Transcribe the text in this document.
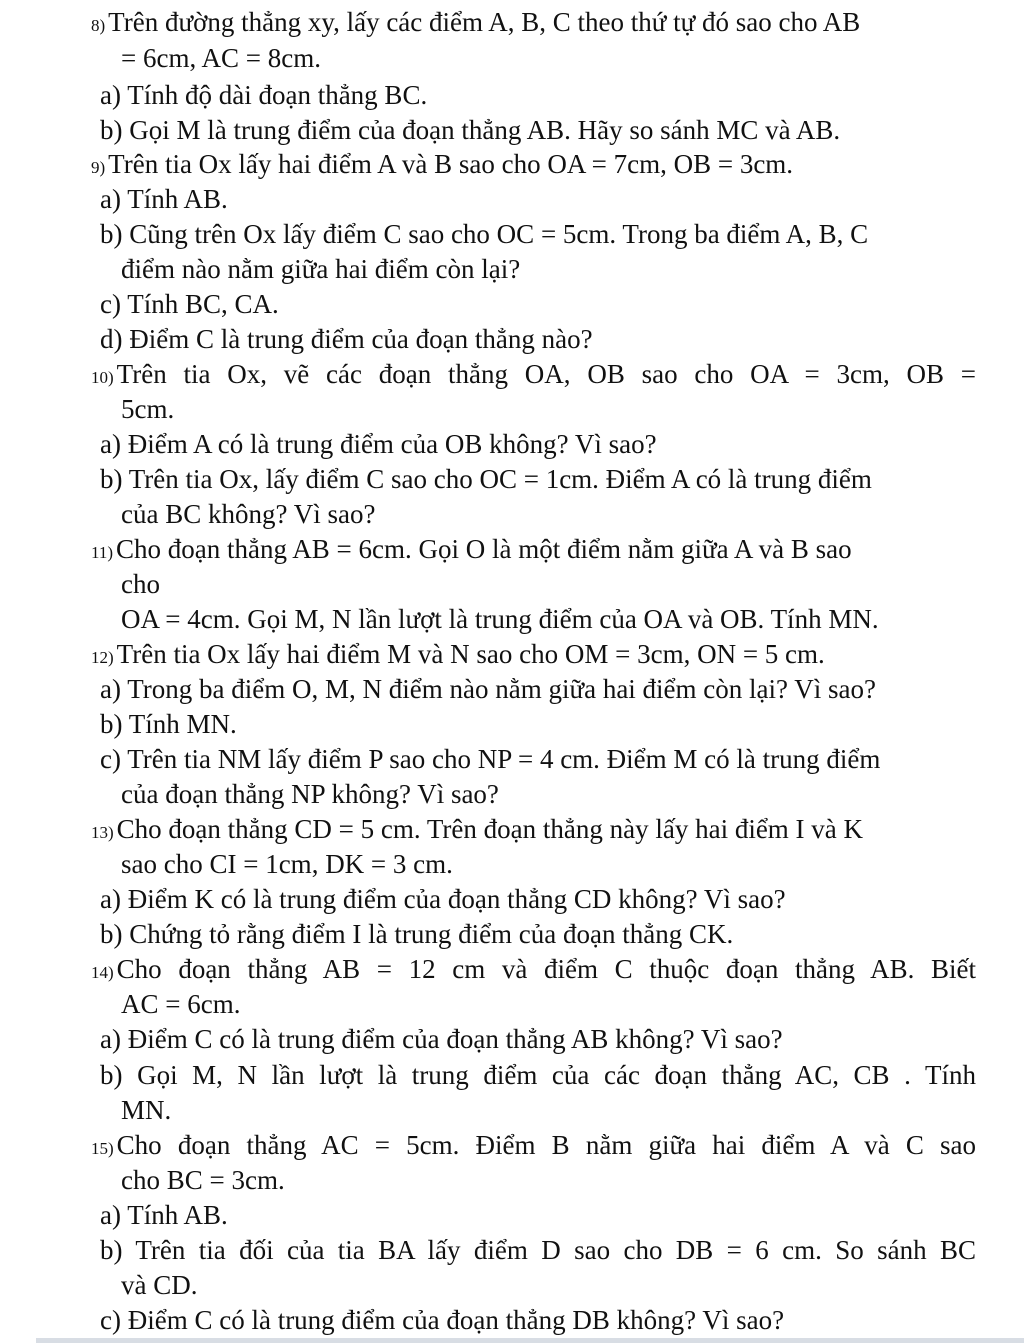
8) Trên đường thẳng xy, lấy các điểm A, B, C theo thứ tự đó sao cho AB
= 6cm, AC = 8cm.
a) Tính độ dài đoạn thẳng BC.
b) Gọi M là trung điểm của đoạn thẳng AB. Hãy so sánh MC và AB.
9) Trên tia Ox lấy hai điểm A và B sao cho OA = 7cm, OB = 3cm.
a) Tính AB.
b) Cũng trên Ox lấy điểm C sao cho OC = 5cm. Trong ba điểm A, B, C
điểm nào nằm giữa hai điểm còn lại?
c) Tính BC, CA.
d) Điểm C là trung điểm của đoạn thẳng nào?
10) Trên tia Ox, vẽ các đoạn thẳng OA, OB sao cho OA = 3cm, OB =
5cm.
a) Điểm A có là trung điểm của OB không? Vì sao?
b) Trên tia Ox, lấy điểm C sao cho OC = 1cm. Điểm A có là trung điểm
của BC không? Vì sao?
11) Cho đoạn thẳng AB = 6cm. Gọi O là một điểm nằm giữa A và B sao
cho
OA = 4cm. Gọi M, N lần lượt là trung điểm của OA và OB. Tính MN.
12) Trên tia Ox lấy hai điểm M và N sao cho OM = 3cm, ON = 5 cm.
a) Trong ba điểm O, M, N điểm nào nằm giữa hai điểm còn lại? Vì sao?
b) Tính MN.
c) Trên tia NM lấy điểm P sao cho NP = 4 cm. Điểm M có là trung điểm
của đoạn thẳng NP không? Vì sao?
13) Cho đoạn thẳng CD = 5 cm. Trên đoạn thẳng này lấy hai điểm I và K
sao cho CI = 1cm, DK = 3 cm.
a) Điểm K có là trung điểm của đoạn thẳng CD không? Vì sao?
b) Chứng tỏ rằng điểm I là trung điểm của đoạn thẳng CK.
14) Cho đoạn thẳng AB = 12 cm và điểm C thuộc đoạn thẳng AB. Biết
AC = 6cm.
a) Điểm C có là trung điểm của đoạn thẳng AB không? Vì sao?
b) Gọi M, N lần lượt là trung điểm của các đoạn thẳng AC, CB . Tính
MN.
15) Cho đoạn thẳng AC = 5cm. Điểm B nằm giữa hai điểm A và C sao
cho BC = 3cm.
a) Tính AB.
b) Trên tia đối của tia BA lấy điểm D sao cho DB = 6 cm. So sánh BC
và CD.
c) Điểm C có là trung điểm của đoạn thẳng DB không? Vì sao?
